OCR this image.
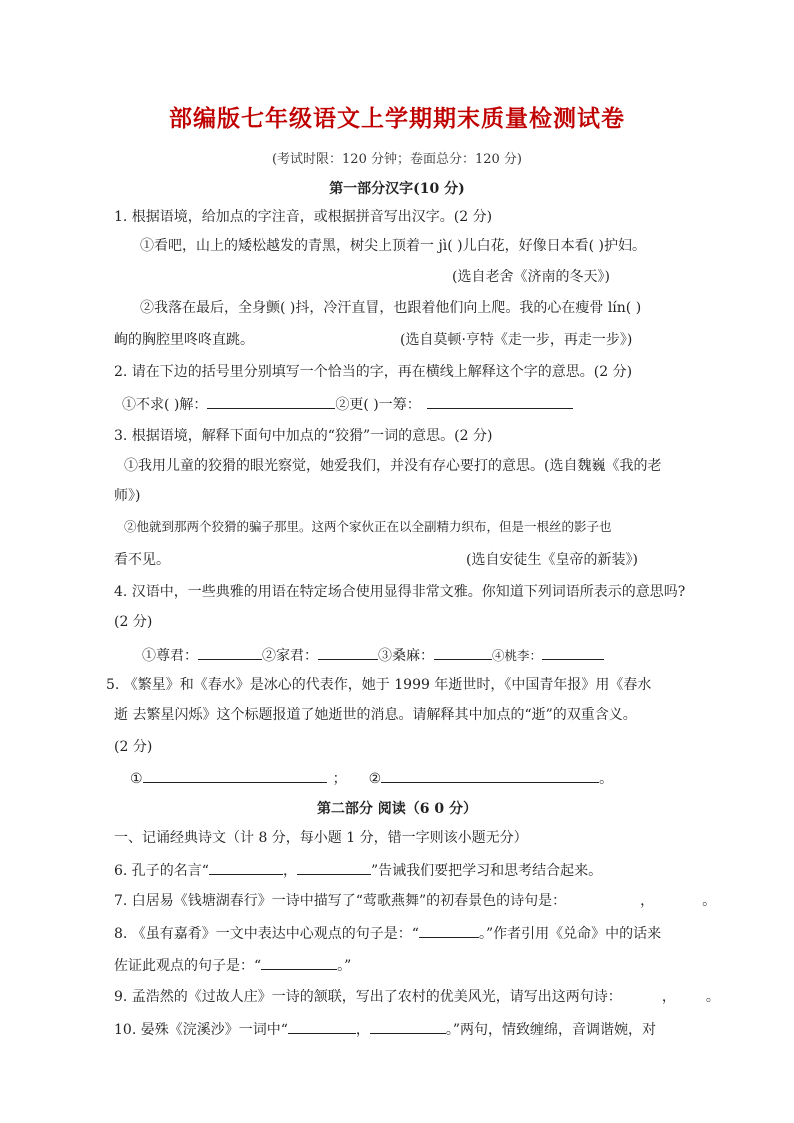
部编版七年级语文上学期期末质量检测试卷
(考试时限：120 分钟；卷面总分：120 分)
第一部分汉字(10 分)
1. 根据语境，给加点的字注音，或根据拼音写出汉字。(2 分)
①看吧，山上的矮松越发的青黑，树尖上顶着一 jì( )儿白花，好像日本看( )护妇。
(选自老舍《济南的冬天》)
②我落在最后，全身颤( )抖，冷汗直冒，也跟着他们向上爬。我的心在瘦骨 lín( )
峋的胸腔里咚咚直跳。	(选自莫顿·亨特《走一步，再走一步》)
2. 请在下边的括号里分别填写一个恰当的字，再在横线上解释这个字的意思。(2 分)
①不求( )解：	②更( )一筹：
3. 根据语境，解释下面句中加点的“狡猾”一词的意思。(2 分)
①我用儿童的狡猾的眼光察觉，她爱我们，并没有存心要打的意思。(选自魏巍《我的老
师》)
②他就到那两个狡猾的骗子那里。这两个家伙正在以全副精力织布，但是一根丝的影子也
看不见。	(选自安徒生《皇帝的新装》)
4. 汉语中，一些典雅的用语在特定场合使用显得非常文雅。你知道下列词语所表示的意思吗?
(2 分)
①尊君：	②家君：	③桑麻：	④桃李：
5. 《繁星》和《春水》是冰心的代表作，她于 1999 年逝世时，《中国青年报》用《春水
逝 去繁星闪烁》这个标题报道了她逝世的消息。请解释其中加点的“逝”的双重含义。
(2 分)
①	； ②	。
第二部分 阅读（6 0 分）
一、记诵经典诗文（计 8 分，每小题 1 分，错一字则该小题无分）
6. 孔子的名言“	，	”告诫我们要把学习和思考结合起来。
7. 白居易《钱塘湖春行》一诗中描写了“莺歌燕舞”的初春景色的诗句是：	，	。
8. 《虽有嘉肴》一文中表达中心观点的句子是：“	。”作者引用《兑命》中的话来
佐证此观点的句子是：“	。”
9. 孟浩然的《过故人庄》一诗的颔联，写出了农村的优美风光，请写出这两句诗：	， 。
10. 晏殊《浣溪沙》一词中“	，	。”两句，情致缠绵，音调谐婉，对
